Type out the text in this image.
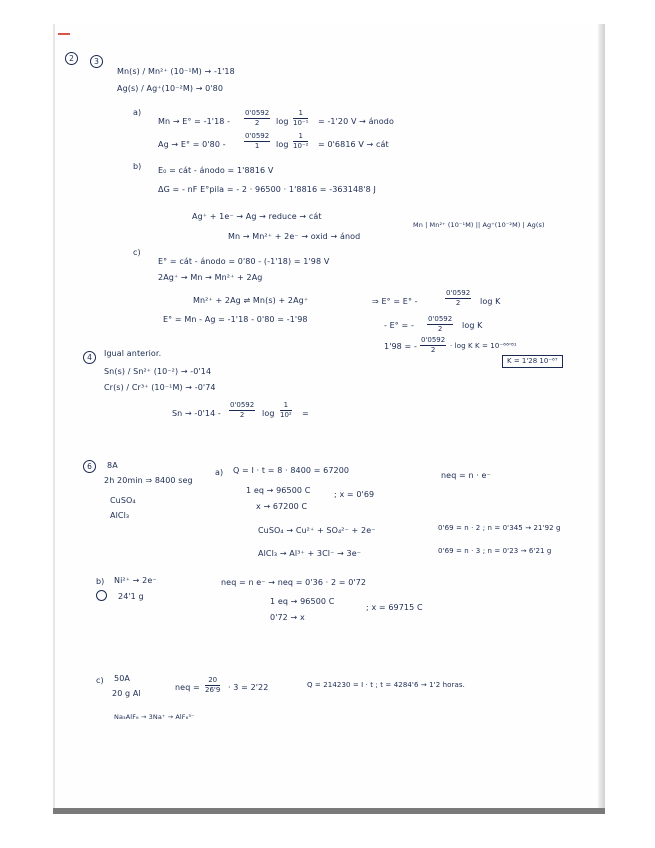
2	3
Mn(s) / Mn²⁺ (10⁻¹M) → -1'18
Ag(s) / Ag⁺(10⁻²M) → 0'80
a)
$Mn \to E^\circ = -1'18 - \frac{0'0592}{2}$ $\log \frac{1}{\text{10⁻¹}} = -1'20$ V → ánodo
Ag → E° = 0'80 -	$\frac{0'0592}{1}$ $\log \frac{1}{\text{10⁻²}} = 0'6816$ V → cát
b) E₀ = cát - ánodo = 1'8816 V
ΔG = - nF E°pila = - 2 · 96500 · 1'8816 = -363148'8 J
Ag⁺ + 1e⁻ → Ag → reduce → cát
Mn → Mn²⁺ + 2e⁻ → oxid → ánod
Mn | Mn²⁺ (10⁻¹M) || Ag⁺(10⁻²M) | Ag(s)
c)
E° = cát - ánodo = 0'80 - (-1'18) = 1'98 V
2Ag⁺ → Mn → Mn²⁺ + 2Ag
Mn²⁺ + 2Ag ⇌ Mn(s) + 2Ag⁺
E° = Mn - Ag = -1'18 - 0'80 = -1'98
⇒ E° = E° -	$\frac{0'0592}{2}$ log K
- E° = - $\frac{0'0592}{2}$ log K
1'98 = - $\frac{0'0592}{2} \cdot \log K$ K = 10⁻⁶⁶'⁸¹
K = 1'28 10⁻⁶⁷
4	Igual anterior.
Sn(s) / Sn²⁺ (10⁻²) → -0'14
Cr(s) / Cr³⁺ (10⁻¹M) → -0'74
$Sn \to -0'14 - \frac{0'0592}{2}$ $\log \frac{1}{\text{10²}}$ =
6	8A
2h 20min ⇒ 8400 seg
CuSO₄
AlCl₃
a) Q = I · t = 8 · 8400 = 67200
1 eq → 96500 C
x → 67200 C
; x = 0'69
neq = n · e⁻
CuSO₄ → Cu²⁺ + SO₄²⁻ + 2e⁻	0'69 = n · 2 ; n = 0'345 → 21'92 g
AlCl₃ → Al³⁺ + 3Cl⁻ → 3e⁻	0'69 = n · 3 ; n = 0'23 → 6'21 g
b) Ni²⁺ → 2e⁻
24'1 g
neq = n e⁻ → neq = 0'36 · 2 = 0'72
1 eq → 96500 C
0'72 → x
; x = 69715 C
c) 50A
20 g Al
neq = $\frac{20}{26'9} \cdot 3 = 2'22$	Q = 214230 = I · t ; t = 4284'6 → 1'2 horas.
Na₃AlF₆ → 3Na⁺ → AlF₆³⁻
